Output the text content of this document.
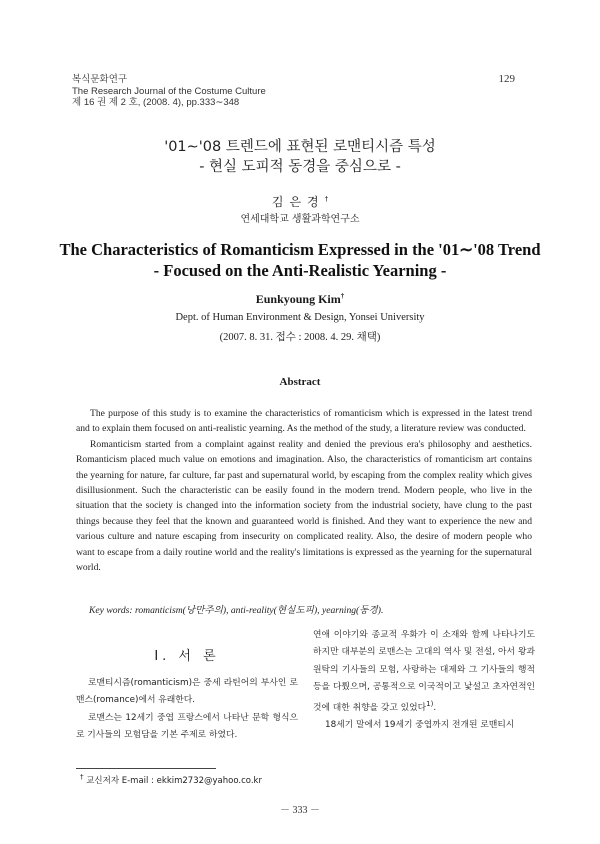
복식문화연구
The Research Journal of the Costume Culture
제 16 권 제 2 호, (2008. 4), pp.333∼348
129
'01∼'08 트렌드에 표현된 로맨티시즘 특성
- 현실 도피적 동경을 중심으로 -
김은경†
연세대학교 생활과학연구소
The Characteristics of Romanticism Expressed in the '01∼'08 Trend
- Focused on the Anti-Realistic Yearning -
Eunkyoung Kim†
Dept. of Human Environment & Design, Yonsei University
(2007. 8. 31. 접수 : 2008. 4. 29. 채택)
Abstract

The purpose of this study is to examine the characteristics of romanticism which is expressed in the latest trend and to explain them focused on anti-realistic yearning. As the method of the study, a literature review was conducted.

Romanticism started from a complaint against reality and denied the previous era's philosophy and aesthetics. Romanticism placed much value on emotions and imagination. Also, the characteristics of romanticism art contains the yearning for nature, far culture, far past and supernatural world, by escaping from the complex reality which gives disillusionment. Such the characteristic can be easily found in the modern trend. Modern people, who live in the situation that the society is changed into the information society from the industrial society, have clung to the past things because they feel that the known and guaranteed world is finished. And they want to experience the new and various culture and nature escaping from insecurity on complicated reality. Also, the desire of modern people who want to escape from a daily routine world and the reality's limitations is expressed as the yearning for the supernatural world.

Key words: romanticism(낭만주의), anti-reality(현실도피), yearning(동경).
I. 서 론

로맨티시즘(romanticism)은 중세 라틴어의 부사인 로맨스(romance)에서 유래한다.

로맨스는 12세기 중엽 프랑스에서 나타난 문학 형식으로 기사들의 모험담을 기본 주제로 하였다.

연애 이야기와 종교적 우화가 이 소재와 함께 나타나기도 하지만 대부분의 로맨스는 고대의 역사 및 전설, 아서 왕과 원탁의 기사들의 모험, 사랑하는 대제와 그 기사들의 행적 등을 다뤘으며, 공통적으로 이국적이고 낯설고 초자연적인 것에 대한 취향을 갖고 있었다$^{1)}$.

18세기 말에서 19세기 중엽까지 전개된 로맨티시

† 교신저자 E-mail : ekkim2732@yahoo.co.kr
－ 333 －
